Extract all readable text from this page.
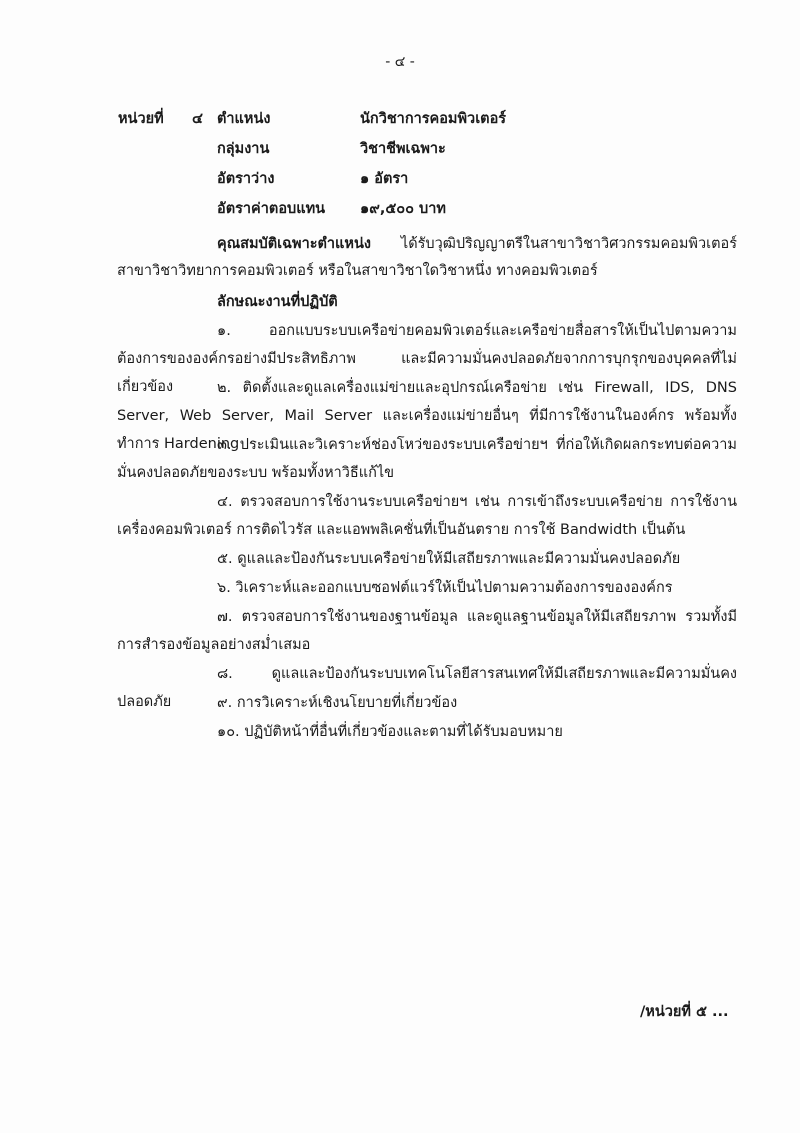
- ๔ -
หน่วยที่ ๔ ตำแหน่ง	นักวิชาการคอมพิวเตอร์
กลุ่มงาน	วิชาชีพเฉพาะ
อัตราว่าง	๑ อัตรา
อัตราค่าตอบแทน ๑๙,๕๐๐ บาท
คุณสมบัติเฉพาะตำแหน่ง ได้รับวุฒิปริญญาตรีในสาขาวิชาวิศวกรรมคอมพิวเตอร์ สาขาวิชาวิทยาการคอมพิวเตอร์ หรือในสาขาวิชาใดวิชาหนึ่ง ทางคอมพิวเตอร์
ลักษณะงานที่ปฏิบัติ
๑. ออกแบบระบบเครือข่ายคอมพิวเตอร์และเครือข่ายสื่อสารให้เป็นไปตามความต้องการขององค์กรอย่างมีประสิทธิภาพ และมีความมั่นคงปลอดภัยจากการบุกรุกของบุคคลที่ไม่เกี่ยวข้อง	๒. ติดตั้งและดูแลเครื่องแม่ข่ายและอุปกรณ์เครือข่าย เช่น Firewall, IDS, DNS Server, Web Server, Mail Server และเครื่องแม่ข่ายอื่นๆ ที่มีการใช้งานในองค์กร พร้อมทั้งทำการ Hardening
๓. ประเมินและวิเคราะห์ช่องโหว่ของระบบเครือข่ายฯ ที่ก่อให้เกิดผลกระทบต่อความมั่นคงปลอดภัยของระบบ พร้อมทั้งหาวิธีแก้ไข
๔. ตรวจสอบการใช้งานระบบเครือข่ายฯ เช่น การเข้าถึงระบบเครือข่าย การใช้งานเครื่องคอมพิวเตอร์ การติดไวรัส และแอพพลิเคชั่นที่เป็นอันตราย การใช้ Bandwidth เป็นต้น
๕. ดูแลและป้องกันระบบเครือข่ายให้มีเสถียรภาพและมีความมั่นคงปลอดภัย
๖. วิเคราะห์และออกแบบซอฟต์แวร์ให้เป็นไปตามความต้องการขององค์กร
๗. ตรวจสอบการใช้งานของฐานข้อมูล และดูแลฐานข้อมูลให้มีเสถียรภาพ รวมทั้งมีการสำรองข้อมูลอย่างสม่ำเสมอ
๘. ดูแลและป้องกันระบบเทคโนโลยีสารสนเทศให้มีเสถียรภาพและมีความมั่นคง ปลอดภัย	๙. การวิเคราะห์เชิงนโยบายที่เกี่ยวข้อง
๑๐. ปฏิบัติหน้าที่อื่นที่เกี่ยวข้องและตามที่ได้รับมอบหมาย
/หน่วยที่ ๕ ...
